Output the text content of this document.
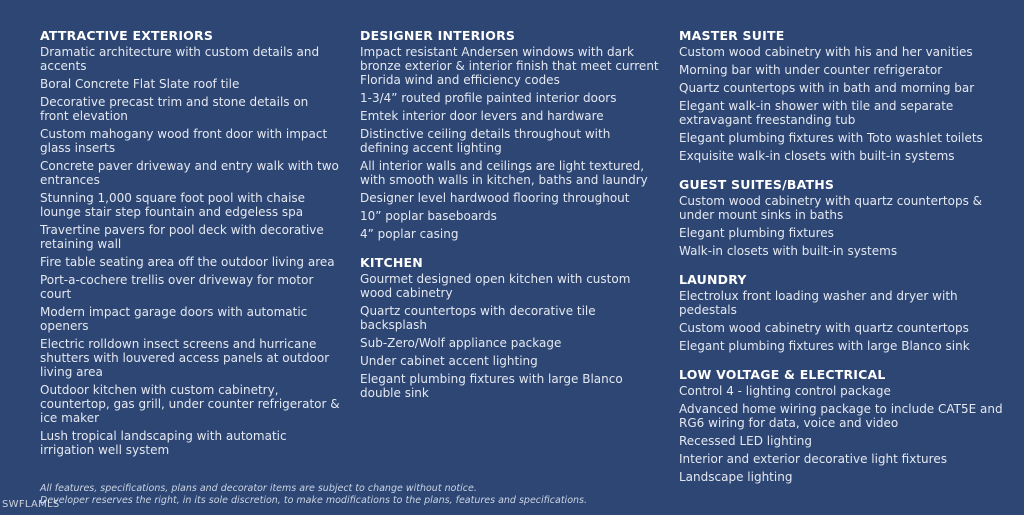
ATTRACTIVE EXTERIORS
Dramatic architecture with custom details and accents
Boral Concrete Flat Slate roof tile
Decorative precast trim and stone details on front elevation
Custom mahogany wood front door with impact glass inserts
Concrete paver driveway and entry walk with two entrances
Stunning 1,000 square foot pool with chaise lounge stair step fountain and edgeless spa
Travertine pavers for pool deck with decorative retaining wall
Fire table seating area off the outdoor living area
Port-a-cochere trellis over driveway for motor court
Modern impact garage doors with automatic openers
Electric rolldown insect screens and hurricane shutters with louvered access panels at outdoor living area
Outdoor kitchen with custom cabinetry, countertop, gas grill, under counter refrigerator & ice maker
Lush tropical landscaping with automatic irrigation well system
DESIGNER INTERIORS
Impact resistant Andersen windows with dark bronze exterior & interior finish that meet current Florida wind and efficiency codes
1-3/4” routed profile painted interior doors
Emtek interior door levers and hardware
Distinctive ceiling details throughout with defining accent lighting
All interior walls and ceilings are light textured, with smooth walls in kitchen, baths and laundry
Designer level hardwood flooring throughout
10” poplar baseboards
4” poplar casing
KITCHEN
Gourmet designed open kitchen with custom wood cabinetry
Quartz countertops with decorative tile backsplash
Sub-Zero/Wolf appliance package
Under cabinet accent lighting
Elegant plumbing fixtures with large Blanco double sink
MASTER SUITE
Custom wood cabinetry with his and her vanities
Morning bar with under counter refrigerator
Quartz countertops with in bath and morning bar
Elegant walk-in shower with tile and separate extravagant freestanding tub
Elegant plumbing fixtures with Toto washlet toilets
Exquisite walk-in closets with built-in systems
GUEST SUITES/BATHS
Custom wood cabinetry with quartz countertops & under mount sinks in baths
Elegant plumbing fixtures
Walk-in closets with built-in systems
LAUNDRY
Electrolux front loading washer and dryer with pedestals
Custom wood cabinetry with quartz countertops
Elegant plumbing fixtures with large Blanco sink
LOW VOLTAGE & ELECTRICAL
Control 4 - lighting control package
Advanced home wiring package to include CAT5E and RG6 wiring for data, voice and video
Recessed LED lighting
Interior and exterior decorative light fixtures
Landscape lighting

All features, specifications, plans and decorator items are subject to change without notice.

Developer reserves the right, in its sole discretion, to make modifications to the plans, features and specifications.

SWFLAMLS
